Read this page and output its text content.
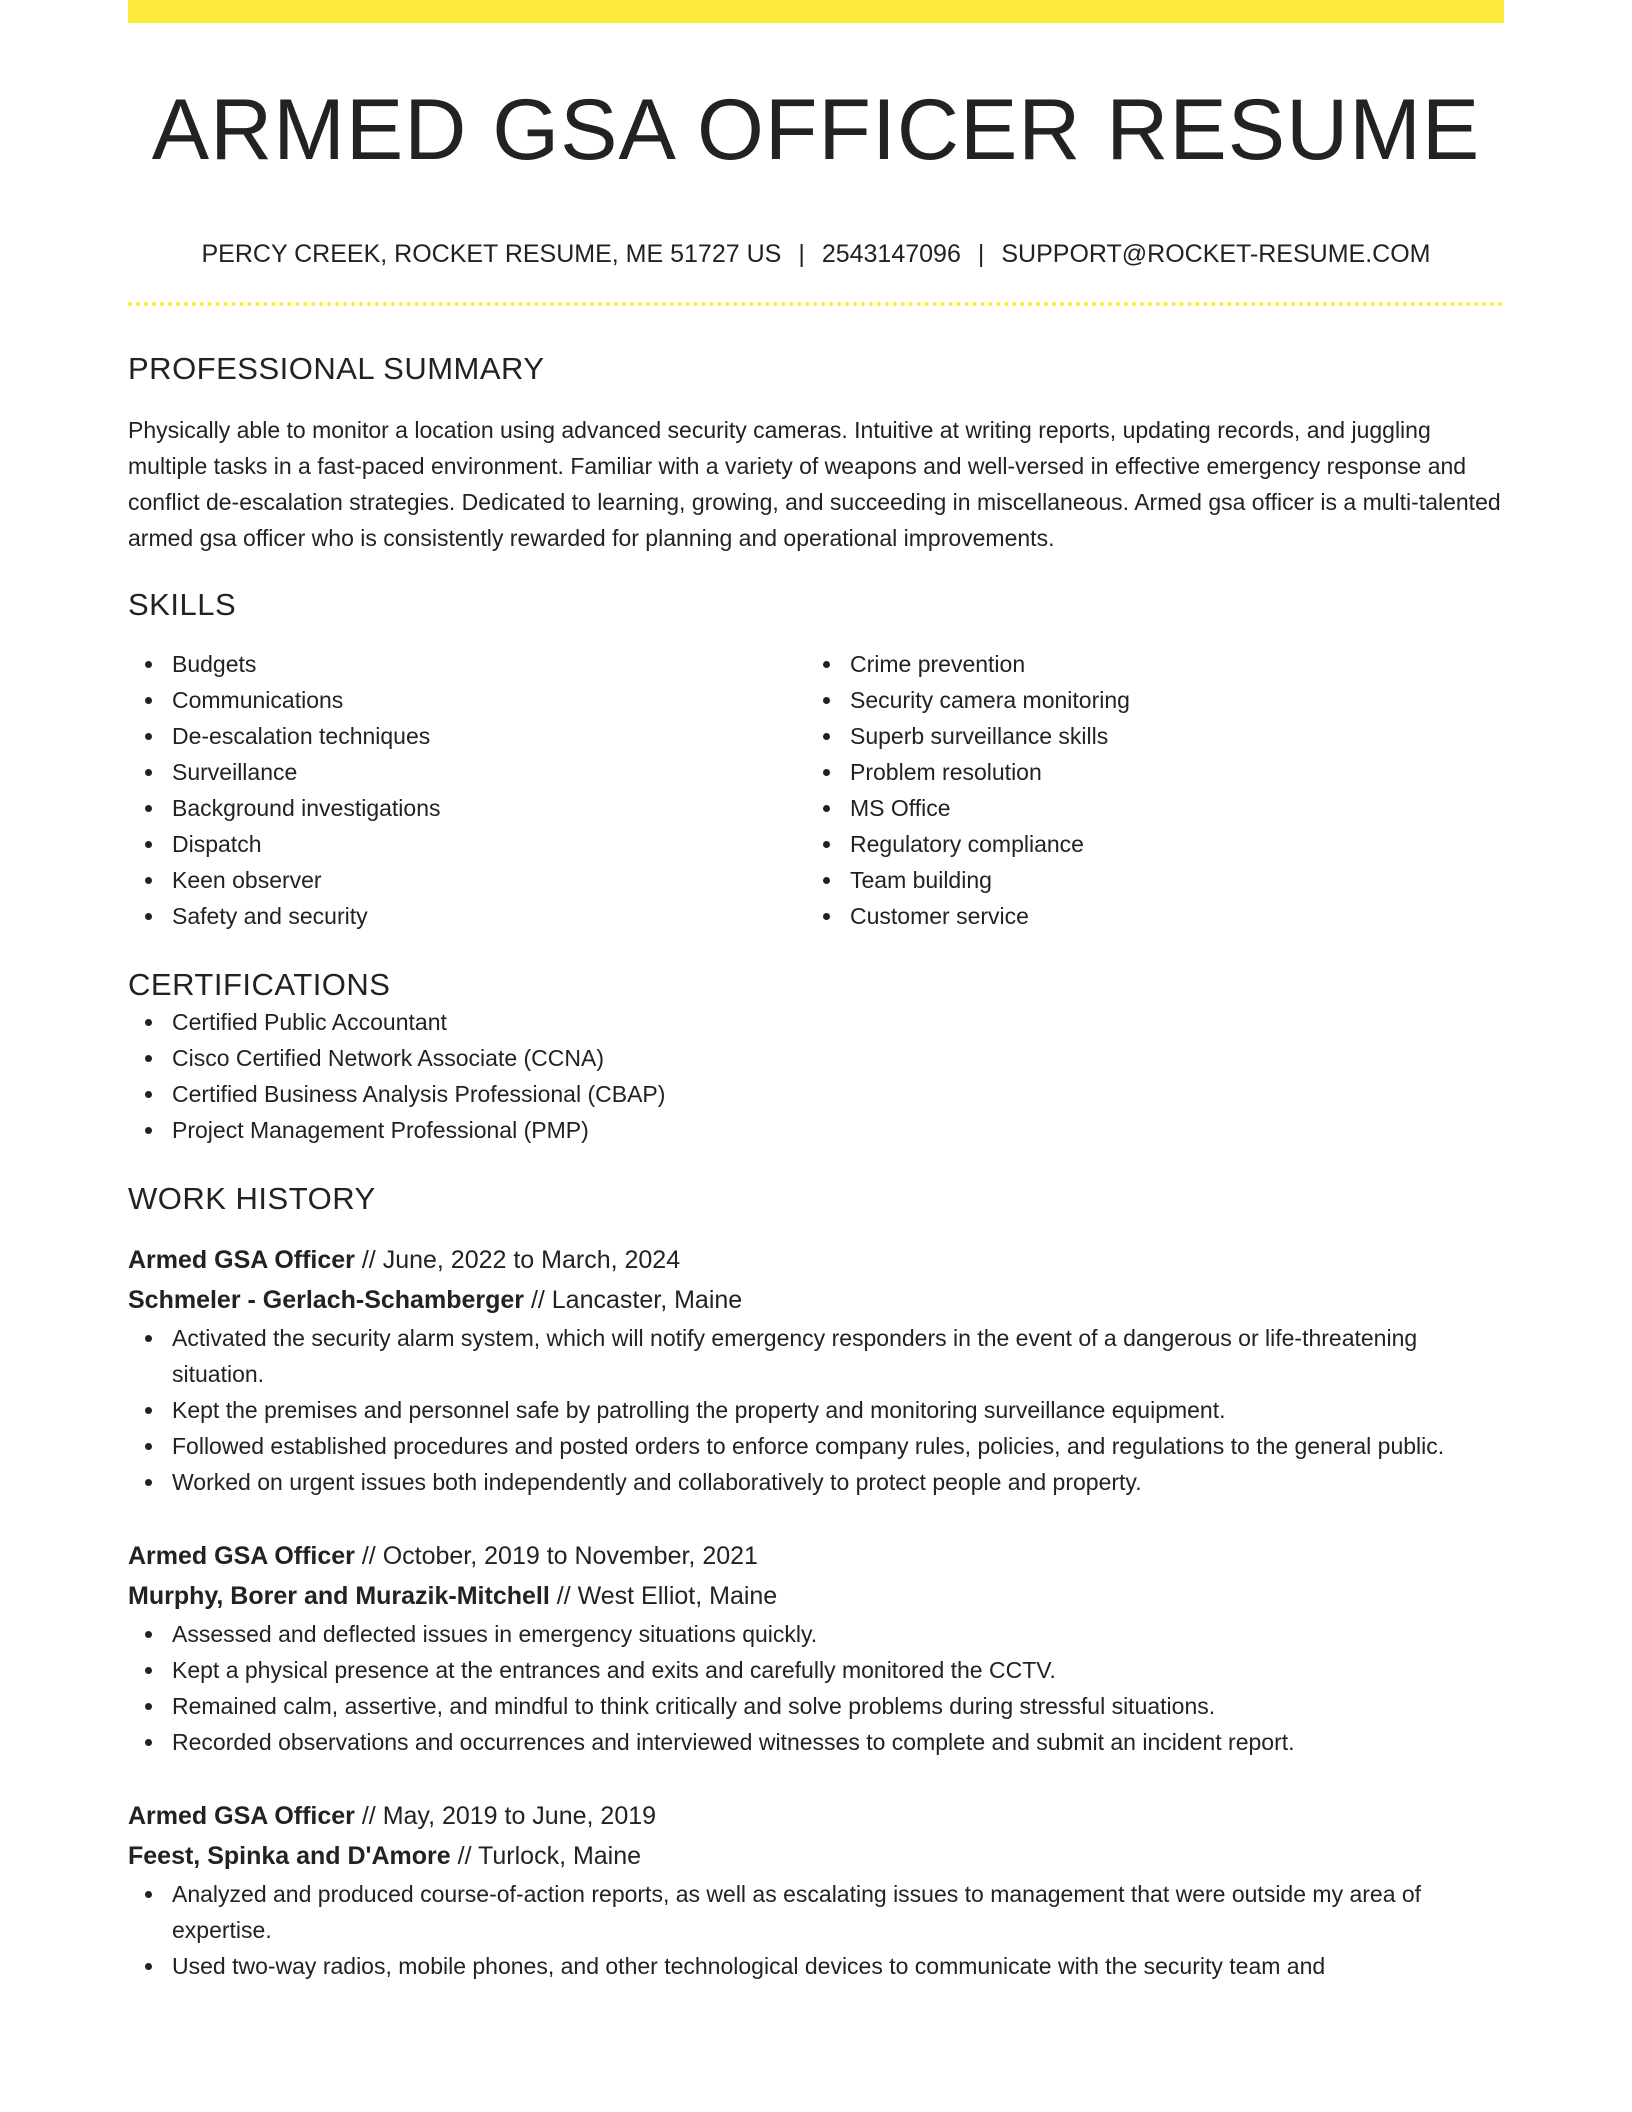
ARMED GSA OFFICER RESUME
PERCY CREEK, ROCKET RESUME, ME 51727 US | 2543147096 | SUPPORT@ROCKET-RESUME.COM
PROFESSIONAL SUMMARY
Physically able to monitor a location using advanced security cameras. Intuitive at writing reports, updating records, and juggling multiple tasks in a fast-paced environment. Familiar with a variety of weapons and well-versed in effective emergency response and conflict de-escalation strategies. Dedicated to learning, growing, and succeeding in miscellaneous. Armed gsa officer is a multi-talented armed gsa officer who is consistently rewarded for planning and operational improvements.
SKILLS
Budgets
Communications
De-escalation techniques
Surveillance
Background investigations
Dispatch
Keen observer
Safety and security
Crime prevention
Security camera monitoring
Superb surveillance skills
Problem resolution
MS Office
Regulatory compliance
Team building
Customer service
CERTIFICATIONS
Certified Public Accountant
Cisco Certified Network Associate (CCNA)
Certified Business Analysis Professional (CBAP)
Project Management Professional (PMP)
WORK HISTORY
Armed GSA Officer // June, 2022 to March, 2024
Schmeler - Gerlach-Schamberger // Lancaster, Maine
Activated the security alarm system, which will notify emergency responders in the event of a dangerous or life-threatening situation.
Kept the premises and personnel safe by patrolling the property and monitoring surveillance equipment.
Followed established procedures and posted orders to enforce company rules, policies, and regulations to the general public.
Worked on urgent issues both independently and collaboratively to protect people and property.
Armed GSA Officer // October, 2019 to November, 2021
Murphy, Borer and Murazik-Mitchell // West Elliot, Maine
Assessed and deflected issues in emergency situations quickly.
Kept a physical presence at the entrances and exits and carefully monitored the CCTV.
Remained calm, assertive, and mindful to think critically and solve problems during stressful situations.
Recorded observations and occurrences and interviewed witnesses to complete and submit an incident report.
Armed GSA Officer // May, 2019 to June, 2019
Feest, Spinka and D'Amore // Turlock, Maine
Analyzed and produced course-of-action reports, as well as escalating issues to management that were outside my area of expertise.
Used two-way radios, mobile phones, and other technological devices to communicate with the security team and
